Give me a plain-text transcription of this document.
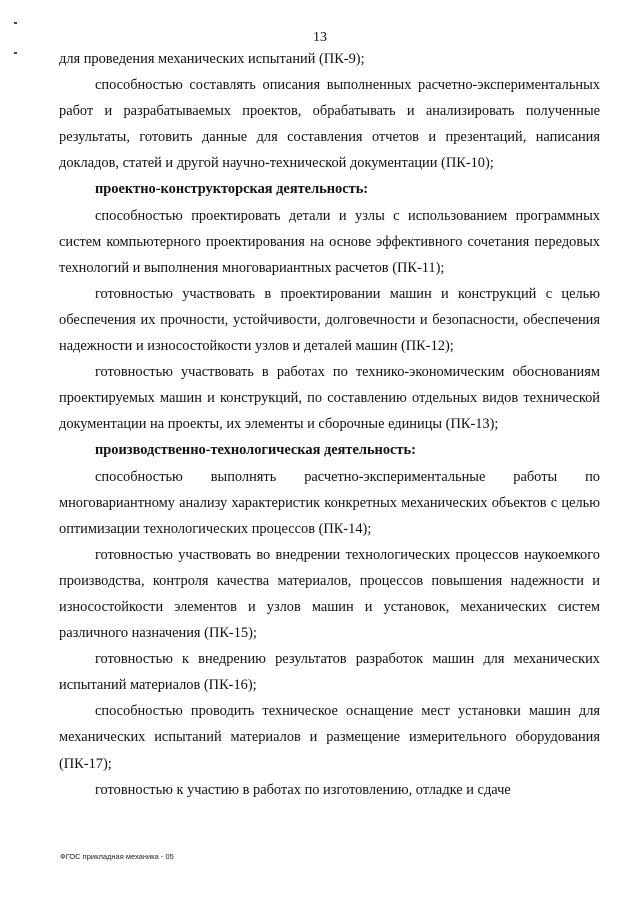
13

для проведения механических испытаний (ПК-9);

способностью составлять описания выполненных расчетно-экспериментальных работ и разрабатываемых проектов, обрабатывать и анализировать полученные результаты, готовить данные для составления отчетов и презентаций, написания докладов, статей и другой научно-технической документации (ПК-10);

проектно-конструкторская деятельность:

способностью проектировать детали и узлы с использованием программных систем компьютерного проектирования на основе эффективного сочетания передовых технологий и выполнения многовариантных расчетов (ПК-11);

готовностью участвовать в проектировании машин и конструкций с целью обеспечения их прочности, устойчивости, долговечности и безопасности, обеспечения надежности и износостойкости узлов и деталей машин (ПК-12);

готовностью участвовать в работах по технико-экономическим обоснованиям проектируемых машин и конструкций, по составлению отдельных видов технической документации на проекты, их элементы и сборочные единицы (ПК-13);

производственно-технологическая деятельность:

способностью выполнять расчетно-экспериментальные работы по многовариантному анализу характеристик конкретных механических объектов с целью оптимизации технологических процессов (ПК-14);

готовностью участвовать во внедрении технологических процессов наукоемкого производства, контроля качества материалов, процессов повышения надежности и износостойкости элементов и узлов машин и установок, механических систем различного назначения (ПК-15);

готовностью к внедрению результатов разработок машин для механических испытаний материалов (ПК-16);

способностью проводить техническое оснащение мест установки машин для механических испытаний материалов и размещение измерительного оборудования (ПК-17);

готовностью к участию в работах по изготовлению, отладке и сдаче

ФГОС прикладная механика - 05
